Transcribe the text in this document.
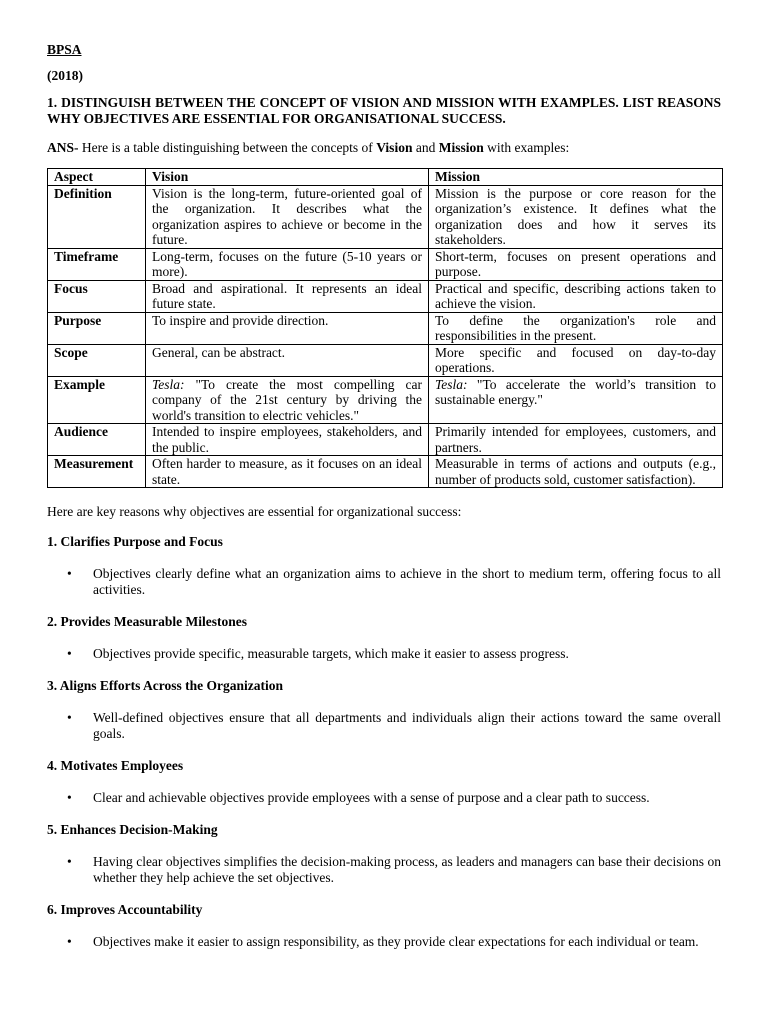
BPSA
(2018)
1. DISTINGUISH BETWEEN THE CONCEPT OF VISION AND MISSION WITH EXAMPLES. LIST REASONS WHY OBJECTIVES ARE ESSENTIAL FOR ORGANISATIONAL SUCCESS.
ANS- Here is a table distinguishing between the concepts of Vision and Mission with examples:
Aspect	Vision	Mission
Definition	Vision is the long-term, future-oriented goal of the organization. It describes what the organization aspires to achieve or become in the future.	Mission is the purpose or core reason for the organization’s existence. It defines what the organization does and how it serves its stakeholders.
Timeframe	Long-term, focuses on the future (5-10 years or more).	Short-term, focuses on present operations and purpose.
Focus	Broad and aspirational. It represents an ideal future state.	Practical and specific, describing actions taken to achieve the vision.
Purpose	To inspire and provide direction.	To define the organization's role and responsibilities in the present.
Scope	General, can be abstract.	More specific and focused on day-to-day operations.
Example	Tesla: "To create the most compelling car company of the 21st century by driving the world's transition to electric vehicles."	Tesla: "To accelerate the world’s transition to sustainable energy."
Audience	Intended to inspire employees, stakeholders, and the public.	Primarily intended for employees, customers, and partners.
Measurement	Often harder to measure, as it focuses on an ideal state.	Measurable in terms of actions and outputs (e.g., number of products sold, customer satisfaction).
Here are key reasons why objectives are essential for organizational success:
1. Clarifies Purpose and Focus
• Objectives clearly define what an organization aims to achieve in the short to medium term, offering focus to all activities.
2. Provides Measurable Milestones
• Objectives provide specific, measurable targets, which make it easier to assess progress.
3. Aligns Efforts Across the Organization
• Well-defined objectives ensure that all departments and individuals align their actions toward the same overall goals.
4. Motivates Employees
• Clear and achievable objectives provide employees with a sense of purpose and a clear path to success.
5. Enhances Decision-Making
• Having clear objectives simplifies the decision-making process, as leaders and managers can base their decisions on whether they help achieve the set objectives.
6. Improves Accountability
• Objectives make it easier to assign responsibility, as they provide clear expectations for each individual or team.
